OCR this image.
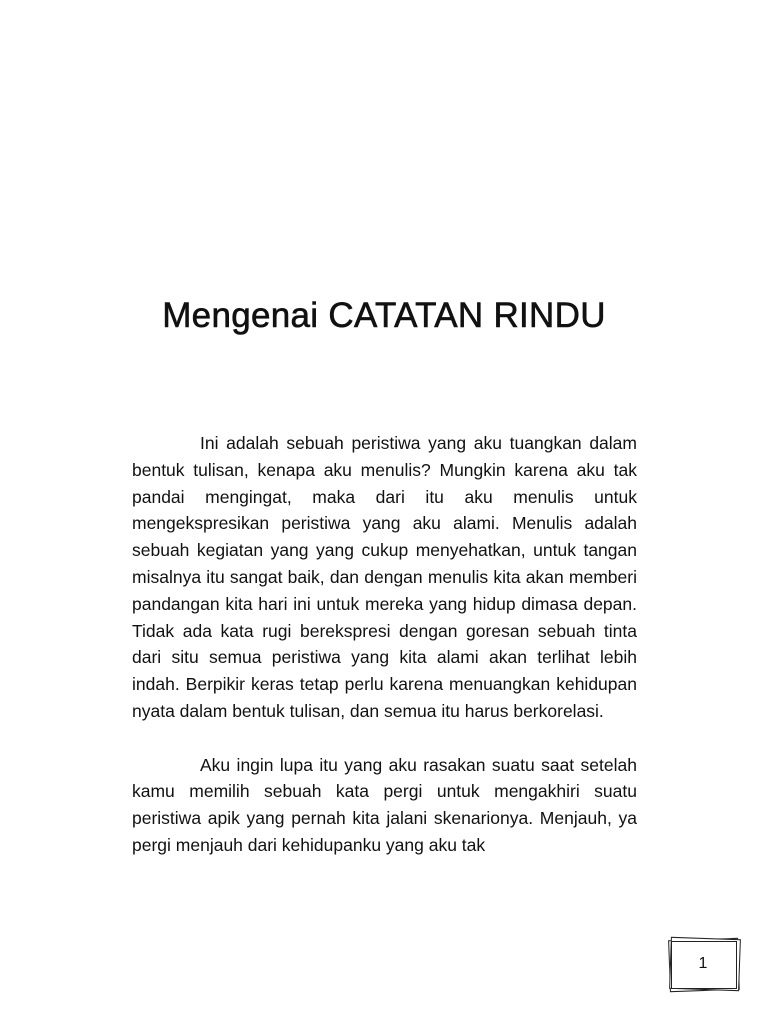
Mengenai CATATAN RINDU

Ini adalah sebuah peristiwa yang aku tuangkan dalam bentuk tulisan, kenapa aku menulis? Mungkin karena aku tak pandai mengingat, maka dari itu aku menulis untuk mengekspresikan peristiwa yang aku alami. Menulis adalah sebuah kegiatan yang yang cukup menyehatkan, untuk tangan misalnya itu sangat baik, dan dengan menulis kita akan memberi pandangan kita hari ini untuk mereka yang hidup dimasa depan. Tidak ada kata rugi berekspresi dengan goresan sebuah tinta dari situ semua peristiwa yang kita alami akan terlihat lebih indah. Berpikir keras tetap perlu karena menuangkan kehidupan nyata dalam bentuk tulisan, dan semua itu harus berkorelasi.

Aku ingin lupa itu yang aku rasakan suatu saat setelah kamu memilih sebuah kata pergi untuk mengakhiri suatu peristiwa apik yang pernah kita jalani skenarionya. Menjauh, ya pergi menjauh dari kehidupanku yang aku tak

1
